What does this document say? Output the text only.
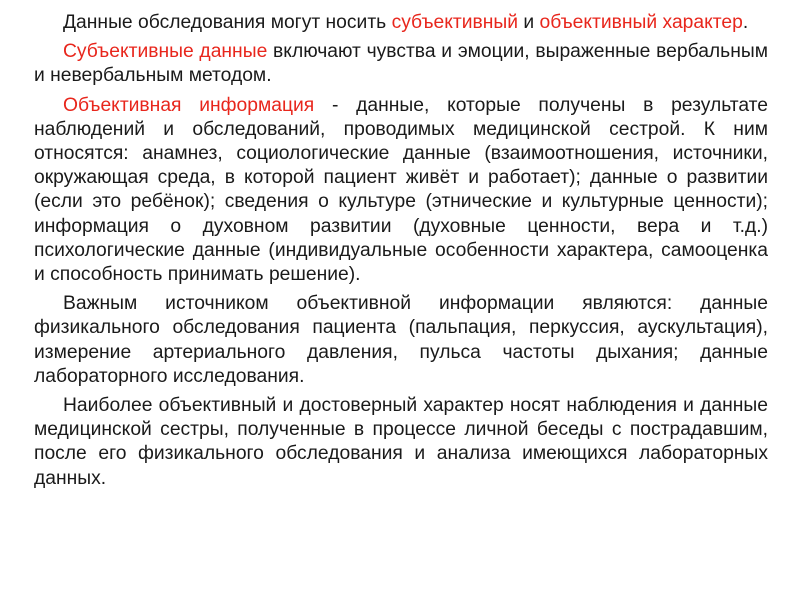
Данные обследования могут носить субъективный и объективный характер.

Субъективные данные включают чувства и эмоции, выраженные вербальным и невербальным методом.

Объективная информация - данные, которые получены в результате наблюдений и обследований, проводимых медицинской сестрой. К ним относятся: анамнез, социологические данные (взаимоотношения, источники, окружающая среда, в которой пациент живёт и работает); данные о развитии (если это ребёнок); сведения о культуре (этнические и культурные ценности); информация о духовном развитии (духовные ценности, вера и т.д.) психологические данные (индивидуальные особенности характера, самооценка и способность принимать решение).

Важным источником объективной информации являются: данные физикального обследования пациента (пальпация, перкуссия, аускультация), измерение артериального давления, пульса частоты дыхания; данные лабораторного исследования.

Наиболее объективный и достоверный характер носят наблюдения и данные медицинской сестры, полученные в процессе личной беседы с пострадавшим, после его физикального обследования и анализа имеющихся лабораторных данных.
